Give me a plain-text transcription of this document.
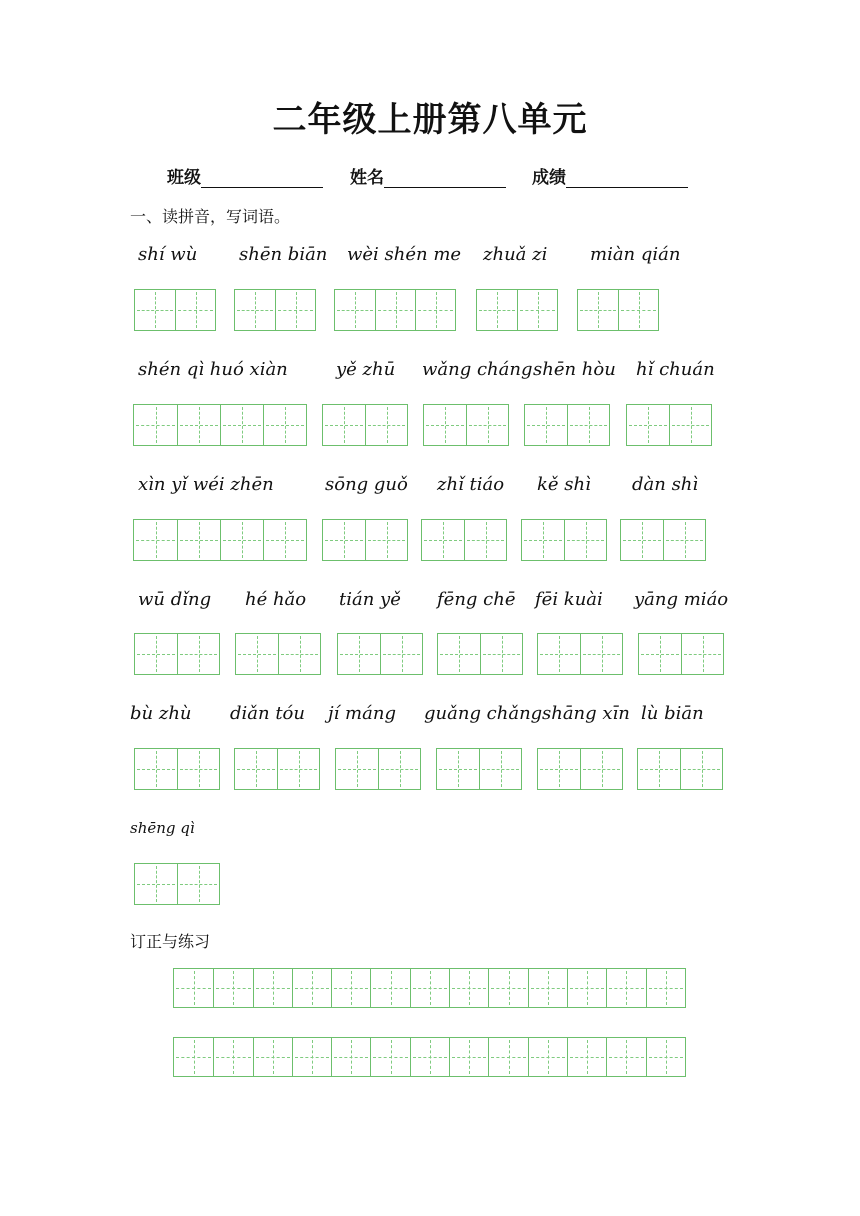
二年级上册第八单元
班级	姓名	成绩
一、读拼音，写词语。
shí wù shēn biān wèi shén me zhuǎ zi miàn qián
shén qì huó xiàn	yě zhū wǎng cháng shēn hòu hǐ chuán
xìn yǐ wéi zhēn	sōng guǒ zhǐ tiáo kě shì dàn shì
wū dǐng hé hǎo tián yě fēng chē fēi kuài yāng miáo
bù zhù diǎn tóu jí máng guǎng chǎng shāng xīn lù biān
shēng qì
订正与练习
